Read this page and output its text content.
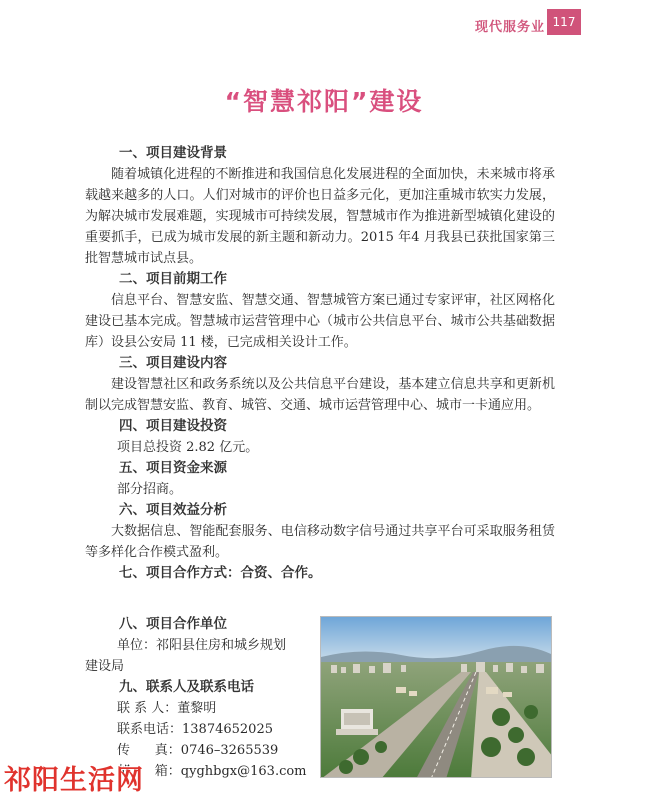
现代服务业 117
“智慧祁阳”建设
一、项目建设背景

随着城镇化进程的不断推进和我国信息化发展进程的全面加快，未来城市将承载越来越多的人口。人们对城市的评价也日益多元化，更加注重城市软实力发展，为解决城市发展难题，实现城市可持续发展，智慧城市作为推进新型城镇化建设的重要抓手，已成为城市发展的新主题和新动力。2015 年4 月我县已获批国家第三批智慧城市试点县。

二、项目前期工作

信息平台、智慧安监、智慧交通、智慧城管方案已通过专家评审，社区网格化建设已基本完成。智慧城市运营管理中心（城市公共信息平台、城市公共基础数据库）设县公安局 11 楼，已完成相关设计工作。

三、项目建设内容

建设智慧社区和政务系统以及公共信息平台建设，基本建立信息共享和更新机制以完成智慧安监、教育、城管、交通、城市运营管理中心、城市一卡通应用。

四、项目建设投资

项目总投资 2.82 亿元。

五、项目资金来源

部分招商。

六、项目效益分析

大数据信息、智能配套服务、电信移动数字信号通过共享平台可采取服务租赁等多样化合作模式盈利。

七、项目合作方式：合资、合作。
八、项目合作单位

单位：祁阳县住房和城乡规划

建设局

九、联系人及联系电话

联 系 人：董黎明

联系电话：13874652025

传      真：0746–3265539

邮      箱：qyghbgx@163.com

祁阳生活网
